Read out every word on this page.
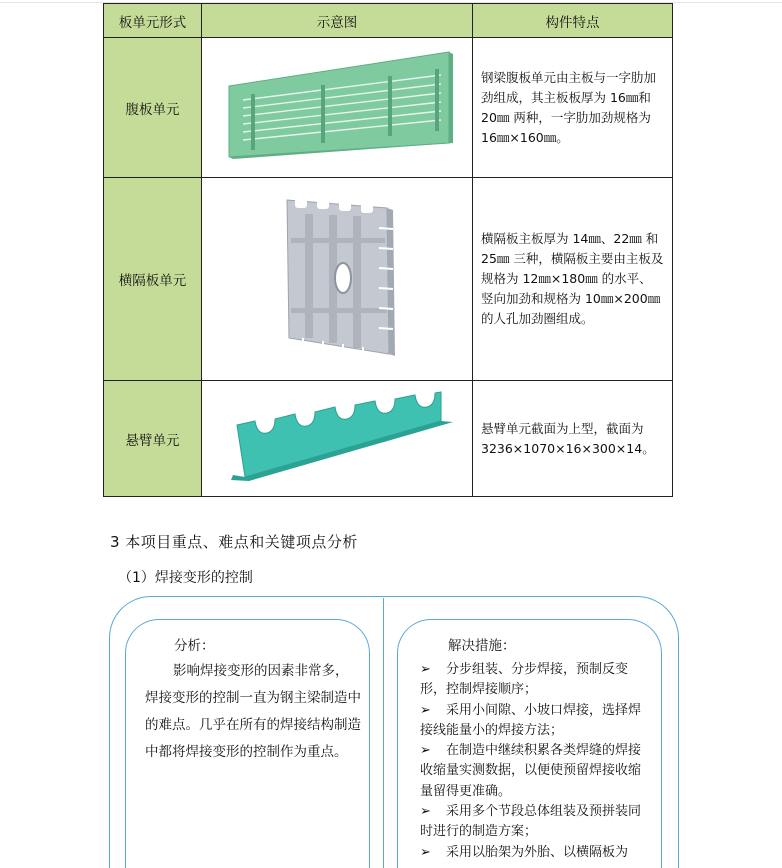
板单元形式	示意图	构件特点
腹板单元		钢梁腹板单元由主板与一字肋加劲组成，其主板板厚为 16㎜和 20㎜ 两种，一字肋加劲规格为 16㎜×160㎜。
横隔板单元		横隔板主板厚为 14㎜、22㎜ 和 25㎜ 三种，横隔板主要由主板及规格为 12㎜×180㎜ 的水平、竖向加劲和规格为 10㎜×200㎜ 的人孔加劲圈组成。
悬臂单元		悬臂单元截面为上型，截面为3236×1070×16×300×14。
3 本项目重点、难点和关键项点分析
（1）焊接变形的控制
分析：
影响焊接变形的因素非常多，焊接变形的控制一直为钢主梁制造中的难点。几乎在所有的焊接结构制造中都将焊接变形的控制作为重点。
解决措施：
➢ 分步组装、分步焊接，预制反变形，控制焊接顺序；
➢ 采用小间隙、小坡口焊接，选择焊接线能量小的焊接方法；
➢ 在制造中继续积累各类焊缝的焊接收缩量实测数据，以便使预留焊接收缩量留得更准确。
➢ 采用多个节段总体组装及预拼装同时进行的制造方案；
➢ 采用以胎架为外胎、以横隔板为
